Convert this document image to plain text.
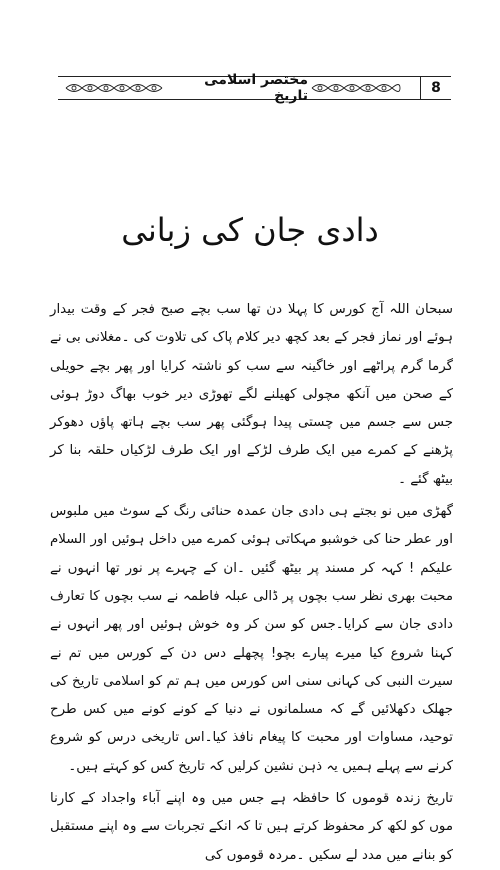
مختصر اسلامی تاریخ	8
دادی جان کی زبانی

سبحان اللہ آج کورس کا پہلا دن تھا سب بچے صبح فجر کے وقت بیدار ہوئے اور نماز فجر کے بعد کچھ دیر کلام پاک کی تلاوت کی ۔مغلانی بی نے گرما گرم پراٹھے اور خاگینہ سے سب کو ناشتہ کرایا اور پھر بچے حویلی کے صحن میں آنکھ مچولی کھیلنے لگے تھوڑی دیر خوب بھاگ دوڑ ہوئی جس سے جسم میں چستی پیدا ہوگئی پھر سب بچے ہاتھ پاؤں دھوکر پڑھنے کے کمرے میں ایک طرف لڑکے اور ایک طرف لڑکیاں حلقہ بنا کر بیٹھ گئے ۔

گھڑی میں نو بجتے ہی دادی جان عمدہ حنائی رنگ کے سوٹ میں ملبوس اور عطر حنا کی خوشبو مہکاتی ہوئی کمرے میں داخل ہوئیں اور السلام علیکم ! کہہ کر مسند پر بیٹھ گئیں ۔ان کے چہرے پر نور تھا انہوں نے محبت بھری نظر سب بچوں پر ڈالی عبلہ فاطمہ نے سب بچوں کا تعارف دادی جان سے کرایا۔جس کو سن کر وہ خوش ہوئیں اور پھر انہوں نے کہنا شروع کیا میرے پیارے بچو! پچھلے دس دن کے کورس میں تم نے سیرت النبی کی کہانی سنی اس کورس میں ہم تم کو اسلامی تاریخ کی جھلک دکھلائیں گے کہ مسلمانوں نے دنیا کے کونے کونے میں کس طرح توحید، مساوات اور محبت کا پیغام نافذ کیا۔اس تاریخی درس کو شروع کرنے سے پہلے ہمیں یہ ذہن نشین کرلیں کہ تاریخ کس کو کہتے ہیں۔

تاریخ زندہ قوموں کا حافظہ ہے جس میں وہ اپنے آباء واجداد کے کارنا موں کو لکھ کر محفوظ کرتے ہیں تا کہ انکے تجربات سے وہ اپنے مستقبل کو بنانے میں مدد لے سکیں ۔مردہ قوموں کی
